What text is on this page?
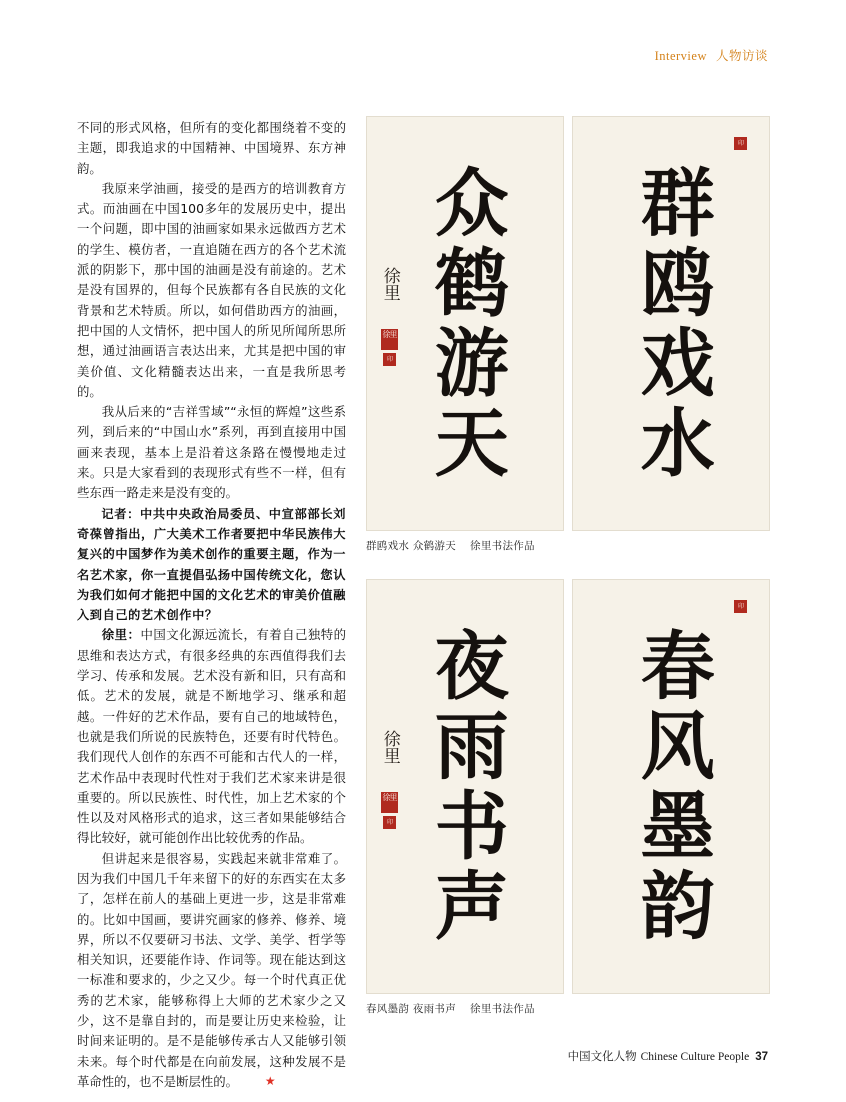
Interview 人物访谈

不同的形式风格，但所有的变化都围绕着不变的主题，即我追求的中国精神、中国境界、东方神韵。

我原来学油画，接受的是西方的培训教育方式。而油画在中国100多年的发展历史中，提出一个问题，即中国的油画家如果永远做西方艺术的学生、模仿者，一直追随在西方的各个艺术流派的阴影下，那中国的油画是没有前途的。艺术是没有国界的，但每个民族都有各自民族的文化背景和艺术特质。所以，如何借助西方的油画，把中国的人文情怀，把中国人的所见所闻所思所想，通过油画语言表达出来，尤其是把中国的审美价值、文化精髓表达出来，一直是我所思考的。

我从后来的“吉祥雪域”“永恒的辉煌”这些系列，到后来的“中国山水”系列，再到直接用中国画来表现，基本上是沿着这条路在慢慢地走过来。只是大家看到的表现形式有些不一样，但有些东西一路走来是没有变的。

记者：中共中央政治局委员、中宣部部长刘奇葆曾指出，广大美术工作者要把中华民族伟大复兴的中国梦作为美术创作的重要主题，作为一名艺术家，你一直提倡弘扬中国传统文化，您认为我们如何才能把中国的文化艺术的审美价值融入到自己的艺术创作中？

徐里：中国文化源远流长，有着自己独特的思维和表达方式，有很多经典的东西值得我们去学习、传承和发展。艺术没有新和旧，只有高和低。艺术的发展，就是不断地学习、继承和超越。一件好的艺术作品，要有自己的地域特色，也就是我们所说的民族特色，还要有时代特色。我们现代人创作的东西不可能和古代人的一样，艺术作品中表现时代性对于我们艺术家来讲是很重要的。所以民族性、时代性，加上艺术家的个性以及对风格形式的追求，这三者如果能够结合得比较好，就可能创作出比较优秀的作品。

但讲起来是很容易，实践起来就非常难了。因为我们中国几千年来留下的好的东西实在太多了，怎样在前人的基础上更进一步，这是非常难的。比如中国画，要讲究画家的修养、修养、境界，所以不仅要研习书法、文学、美学、哲学等相关知识，还要能作诗、作词等。现在能达到这一标准和要求的，少之又少。每一个时代真正优秀的艺术家，能够称得上大师的艺术家少之又少，这不是靠自封的，而是要让历史来检验，让时间来证明的。是不是能够传承古人又能够引领未来。每个时代都是在向前发展，这种发展不是革命性的，也不是断层性的。 ★

众鹤游天
徐里
徐里
印	群鸥戏水
印
群鸥戏水 众鹤游天 徐里书法作品
夜雨书声
徐里
徐里
印	春风墨韵
印
春风墨韵 夜雨书声 徐里书法作品
中国文化人物 Chinese Culture People 37
